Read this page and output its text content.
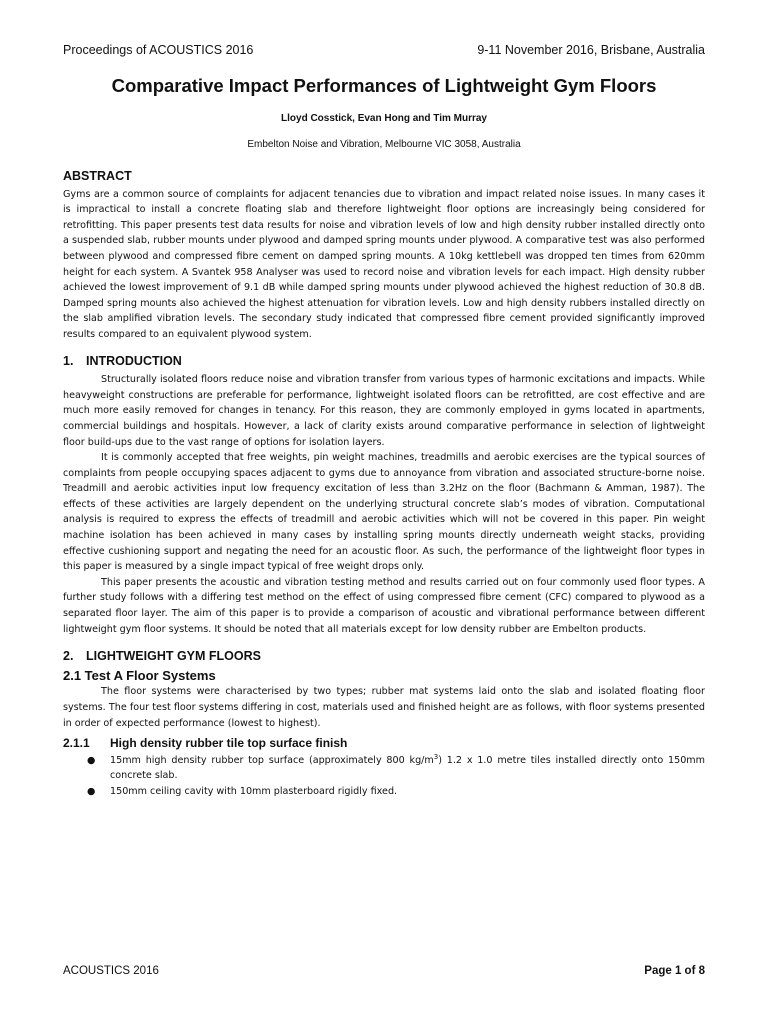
Proceedings of ACOUSTICS 2016	9-11 November 2016, Brisbane, Australia
Comparative Impact Performances of Lightweight Gym Floors
Lloyd Cosstick, Evan Hong and Tim Murray
Embelton Noise and Vibration, Melbourne VIC 3058, Australia
ABSTRACT

Gyms are a common source of complaints for adjacent tenancies due to vibration and impact related noise issues. In many cases it is impractical to install a concrete floating slab and therefore lightweight floor options are increasingly being considered for retrofitting. This paper presents test data results for noise and vibration levels of low and high density rubber installed directly onto a suspended slab, rubber mounts under plywood and damped spring mounts under plywood. A comparative test was also performed between plywood and compressed fibre cement on damped spring mounts. A 10kg kettlebell was dropped ten times from 620mm height for each system. A Svantek 958 Analyser was used to record noise and vibration levels for each impact. High density rubber achieved the lowest improvement of 9.1 dB while damped spring mounts under plywood achieved the highest reduction of 30.8 dB. Damped spring mounts also achieved the highest attenuation for vibration levels. Low and high density rubbers installed directly on the slab amplified vibration levels. The secondary study indicated that compressed fibre cement provided significantly improved results compared to an equivalent plywood system.

1. INTRODUCTION

Structurally isolated floors reduce noise and vibration transfer from various types of harmonic excitations and impacts. While heavyweight constructions are preferable for performance, lightweight isolated floors can be retrofitted, are cost effective and are much more easily removed for changes in tenancy. For this reason, they are commonly employed in gyms located in apartments, commercial buildings and hospitals. However, a lack of clarity exists around comparative performance in selection of lightweight floor build-ups due to the vast range of options for isolation layers.

It is commonly accepted that free weights, pin weight machines, treadmills and aerobic exercises are the typical sources of complaints from people occupying spaces adjacent to gyms due to annoyance from vibration and associated structure-borne noise. Treadmill and aerobic activities input low frequency excitation of less than 3.2Hz on the floor (Bachmann & Amman, 1987). The effects of these activities are largely dependent on the underlying structural concrete slab’s modes of vibration. Computational analysis is required to express the effects of treadmill and aerobic activities which will not be covered in this paper. Pin weight machine isolation has been achieved in many cases by installing spring mounts directly underneath weight stacks, providing effective cushioning support and negating the need for an acoustic floor. As such, the performance of the lightweight floor types in this paper is measured by a single impact typical of free weight drops only.

This paper presents the acoustic and vibration testing method and results carried out on four commonly used floor types. A further study follows with a differing test method on the effect of using compressed fibre cement (CFC) compared to plywood as a separated floor layer. The aim of this paper is to provide a comparison of acoustic and vibrational performance between different lightweight gym floor systems. It should be noted that all materials except for low density rubber are Embelton products.

2. LIGHTWEIGHT GYM FLOORS
2.1 Test A Floor Systems

The floor systems were characterised by two types; rubber mat systems laid onto the slab and isolated floating floor systems. The four test floor systems differing in cost, materials used and finished height are as follows, with floor systems presented in order of expected performance (lowest to highest).

2.1.1 High density rubber tile top surface finish
● 15mm high density rubber top surface (approximately 800 $kg/m^3$) 1.2 x 1.0 metre tiles installed directly onto 150mm concrete slab.
● 150mm ceiling cavity with 10mm plasterboard rigidly fixed.
ACOUSTICS 2016	Page 1 of 8
